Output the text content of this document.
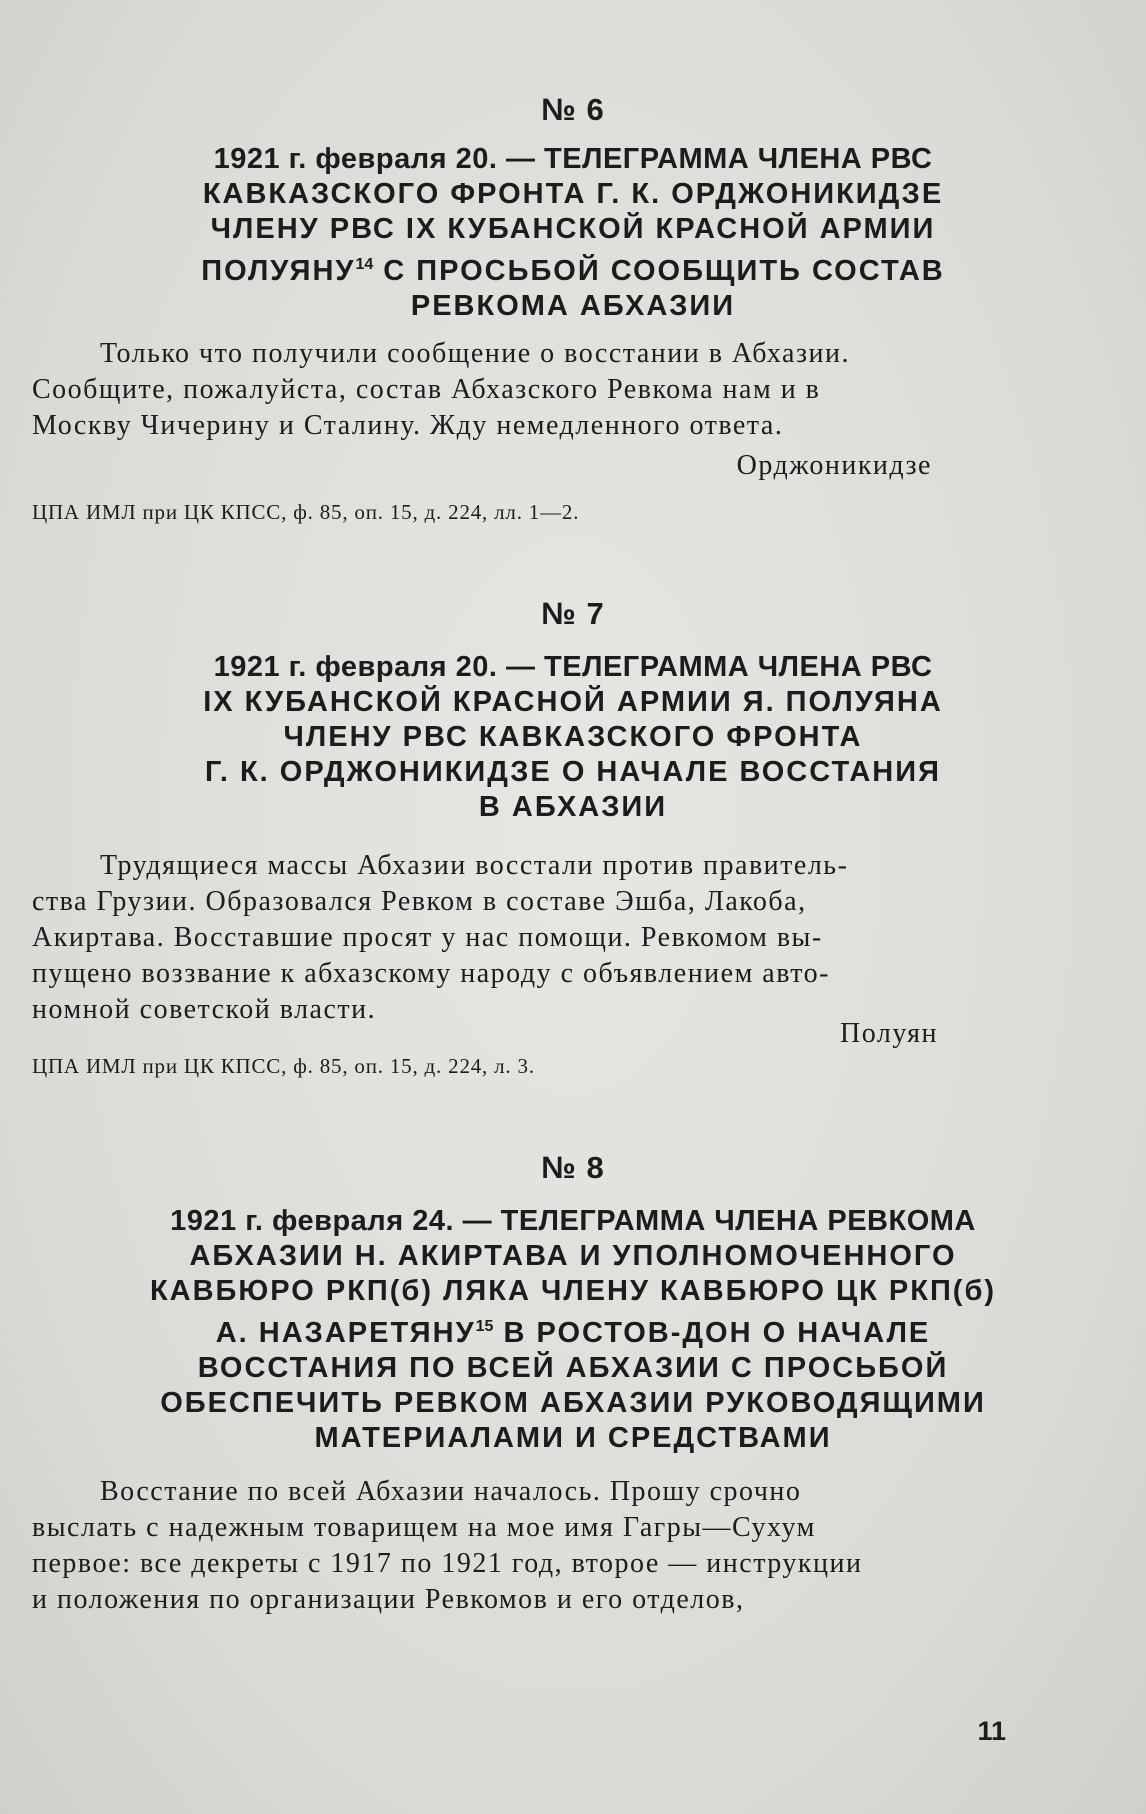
№ 6
1921 г. февраля 20. — ТЕЛЕГРАММА ЧЛЕНА РВС
КАВКАЗСКОГО ФРОНТА Г. К. ОРДЖОНИКИДЗЕ
ЧЛЕНУ РВС IX КУБАНСКОЙ КРАСНОЙ АРМИИ
ПОЛУЯНУ$^{14}$ С ПРОСЬБОЙ СООБЩИТЬ СОСТАВ
РЕВКОМА АБХАЗИИ
Только что получили сообщение о восстании в Абхазии.
Сообщите, пожалуйста, состав Абхазского Ревкома нам и в
Москву Чичерину и Сталину. Жду немедленного ответа.
Орджоникидзе
ЦПА ИМЛ при ЦК КПСС, ф. 85, оп. 15, д. 224, лл. 1—2.
№ 7
1921 г. февраля 20. — ТЕЛЕГРАММА ЧЛЕНА РВС
IX КУБАНСКОЙ КРАСНОЙ АРМИИ Я. ПОЛУЯНА
ЧЛЕНУ РВС КАВКАЗСКОГО ФРОНТА
Г. К. ОРДЖОНИКИДЗЕ О НАЧАЛЕ ВОССТАНИЯ
В АБХАЗИИ
Трудящиеся массы Абхазии восстали против правитель-
ства Грузии. Образовался Ревком в составе Эшба, Лакоба,
Акиртава. Восставшие просят у нас помощи. Ревкомом вы-
пущено воззвание к абхазскому народу с объявлением авто-
номной советской власти.
Полуян
ЦПА ИМЛ при ЦК КПСС, ф. 85, оп. 15, д. 224, л. 3.
№ 8
1921 г. февраля 24. — ТЕЛЕГРАММА ЧЛЕНА РЕВКОМА
АБХАЗИИ Н. АКИРТАВА И УПОЛНОМОЧЕННОГО
КАВБЮРО РКП(б) ЛЯКА ЧЛЕНУ КАВБЮРО ЦК РКП(б)
А. НАЗАРЕТЯНУ$^{15}$ В РОСТОВ-ДОН О НАЧАЛЕ
ВОССТАНИЯ ПО ВСЕЙ АБХАЗИИ С ПРОСЬБОЙ
ОБЕСПЕЧИТЬ РЕВКОМ АБХАЗИИ РУКОВОДЯЩИМИ
МАТЕРИАЛАМИ И СРЕДСТВАМИ
Восстание по всей Абхазии началось. Прошу срочно
выслать с надежным товарищем на мое имя Гагры—Сухум
первое: все декреты с 1917 по 1921 год, второе — инструкции
и положения по организации Ревкомов и его отделов,
11
